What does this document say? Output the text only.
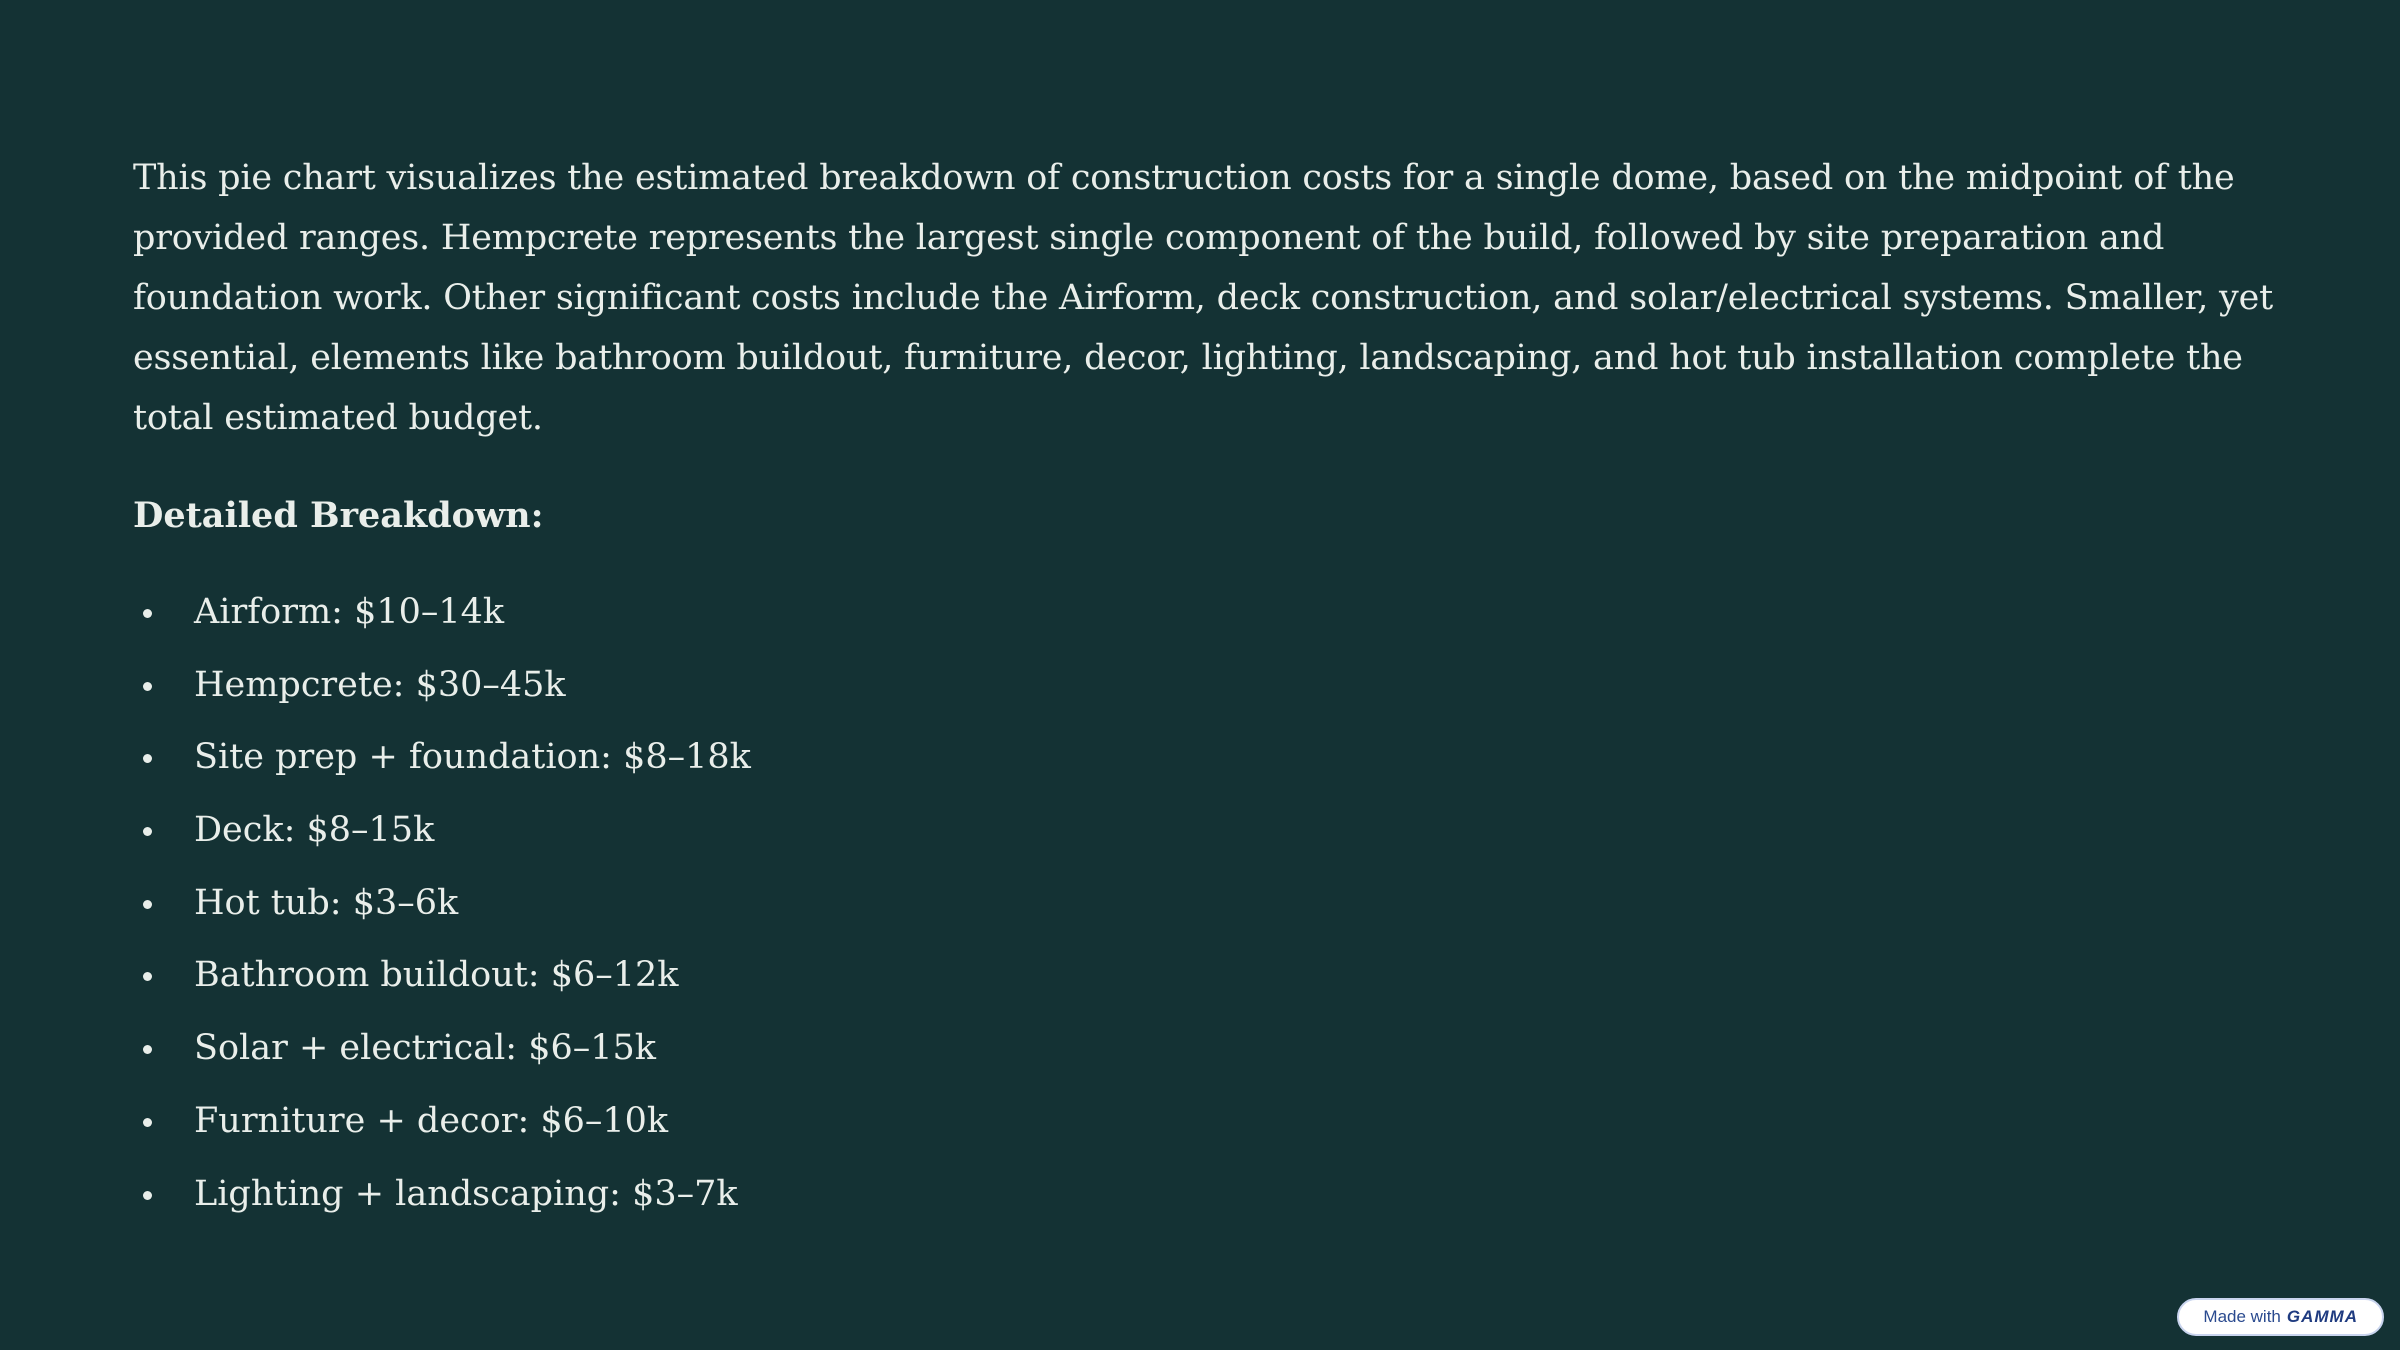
This pie chart visualizes the estimated breakdown of construction costs for a single dome, based on the midpoint of the provided ranges. Hempcrete represents the largest single component of the build, followed by site preparation and foundation work. Other significant costs include the Airform, deck construction, and solar/electrical systems. Smaller, yet essential, elements like bathroom buildout, furniture, decor, lighting, landscaping, and hot tub installation complete the total estimated budget.

Detailed Breakdown:
Airform: $10–14k
Hempcrete: $30–45k
Site prep + foundation: $8–18k
Deck: $8–15k
Hot tub: $3–6k
Bathroom buildout: $6–12k
Solar + electrical: $6–15k
Furniture + decor: $6–10k
Lighting + landscaping: $3–7k
Made with GAMMA
